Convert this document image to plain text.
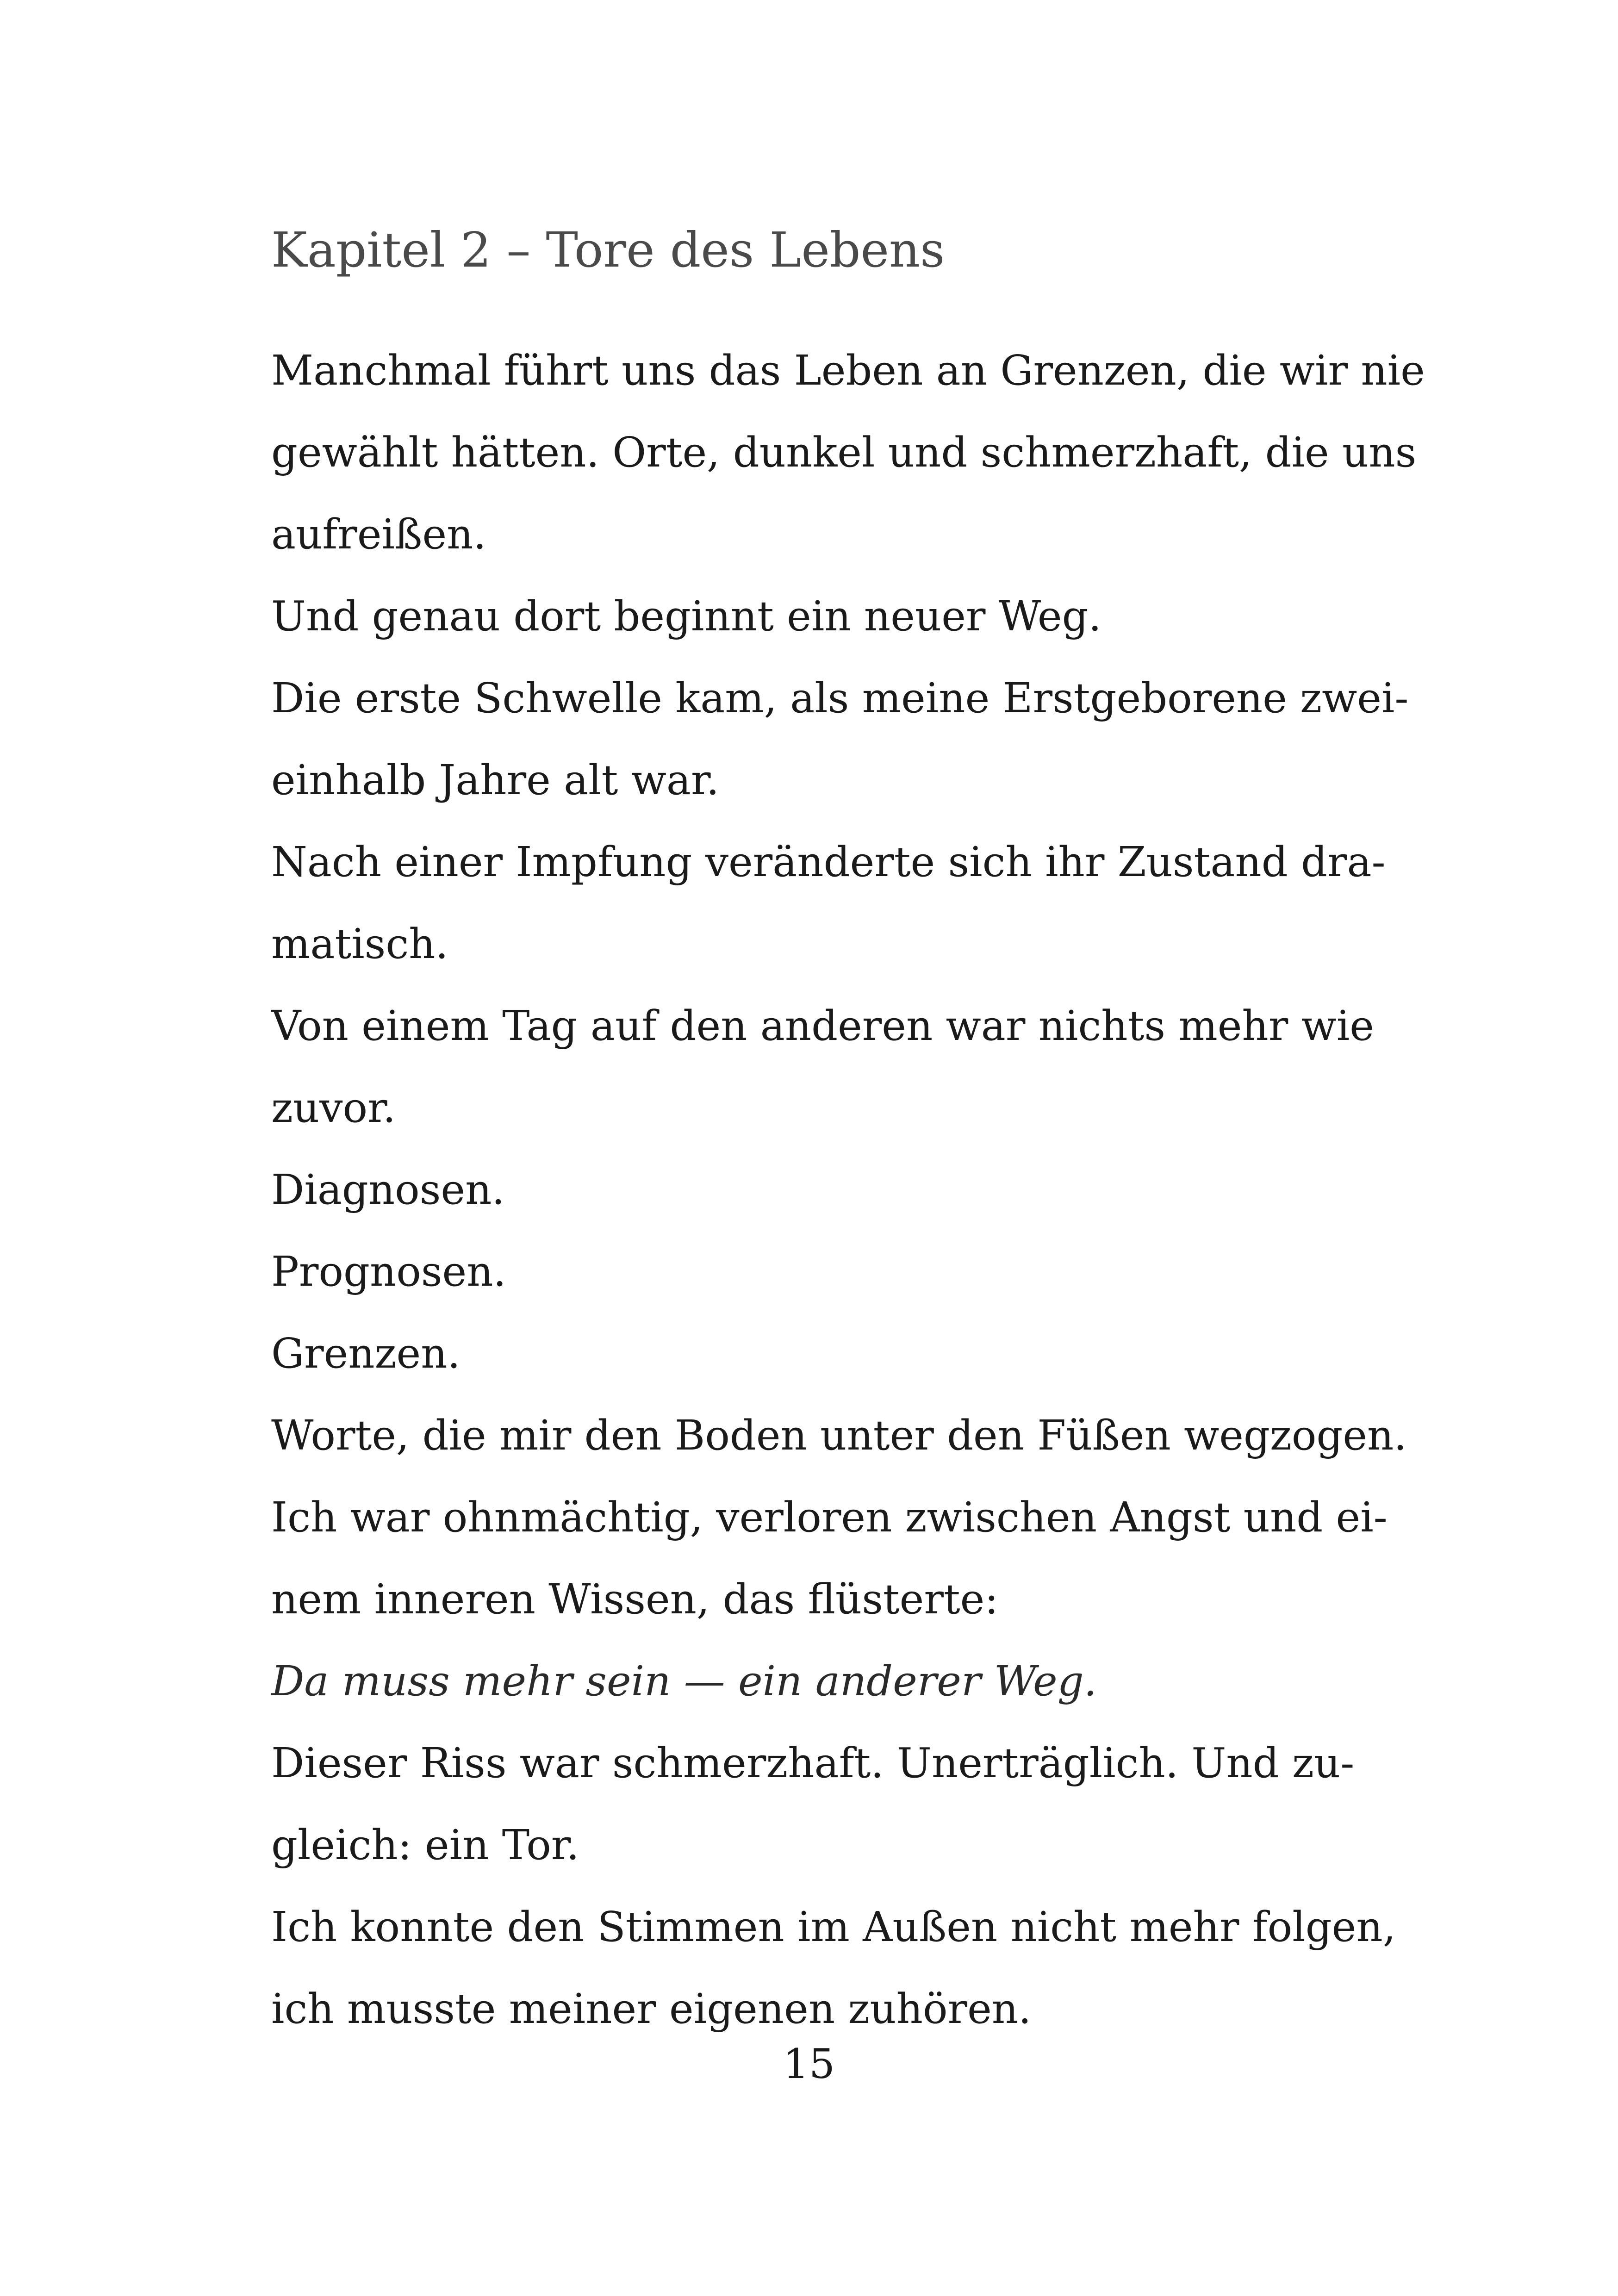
Kapitel 2 – Tore des Lebens
Manchmal führt uns das Leben an Grenzen, die wir nie
gewählt hätten. Orte, dunkel und schmerzhaft, die uns
aufreißen.
Und genau dort beginnt ein neuer Weg.
Die erste Schwelle kam, als meine Erstgeborene zwei-
einhalb Jahre alt war.
Nach einer Impfung veränderte sich ihr Zustand dra-
matisch.
Von einem Tag auf den anderen war nichts mehr wie
zuvor.
Diagnosen.
Prognosen.
Grenzen.
Worte, die mir den Boden unter den Füßen wegzogen.
Ich war ohnmächtig, verloren zwischen Angst und ei-
nem inneren Wissen, das flüsterte:
Da muss mehr sein — ein anderer Weg.
Dieser Riss war schmerzhaft. Unerträglich. Und zu-
gleich: ein Tor.
Ich konnte den Stimmen im Außen nicht mehr folgen,
ich musste meiner eigenen zuhören.
15
